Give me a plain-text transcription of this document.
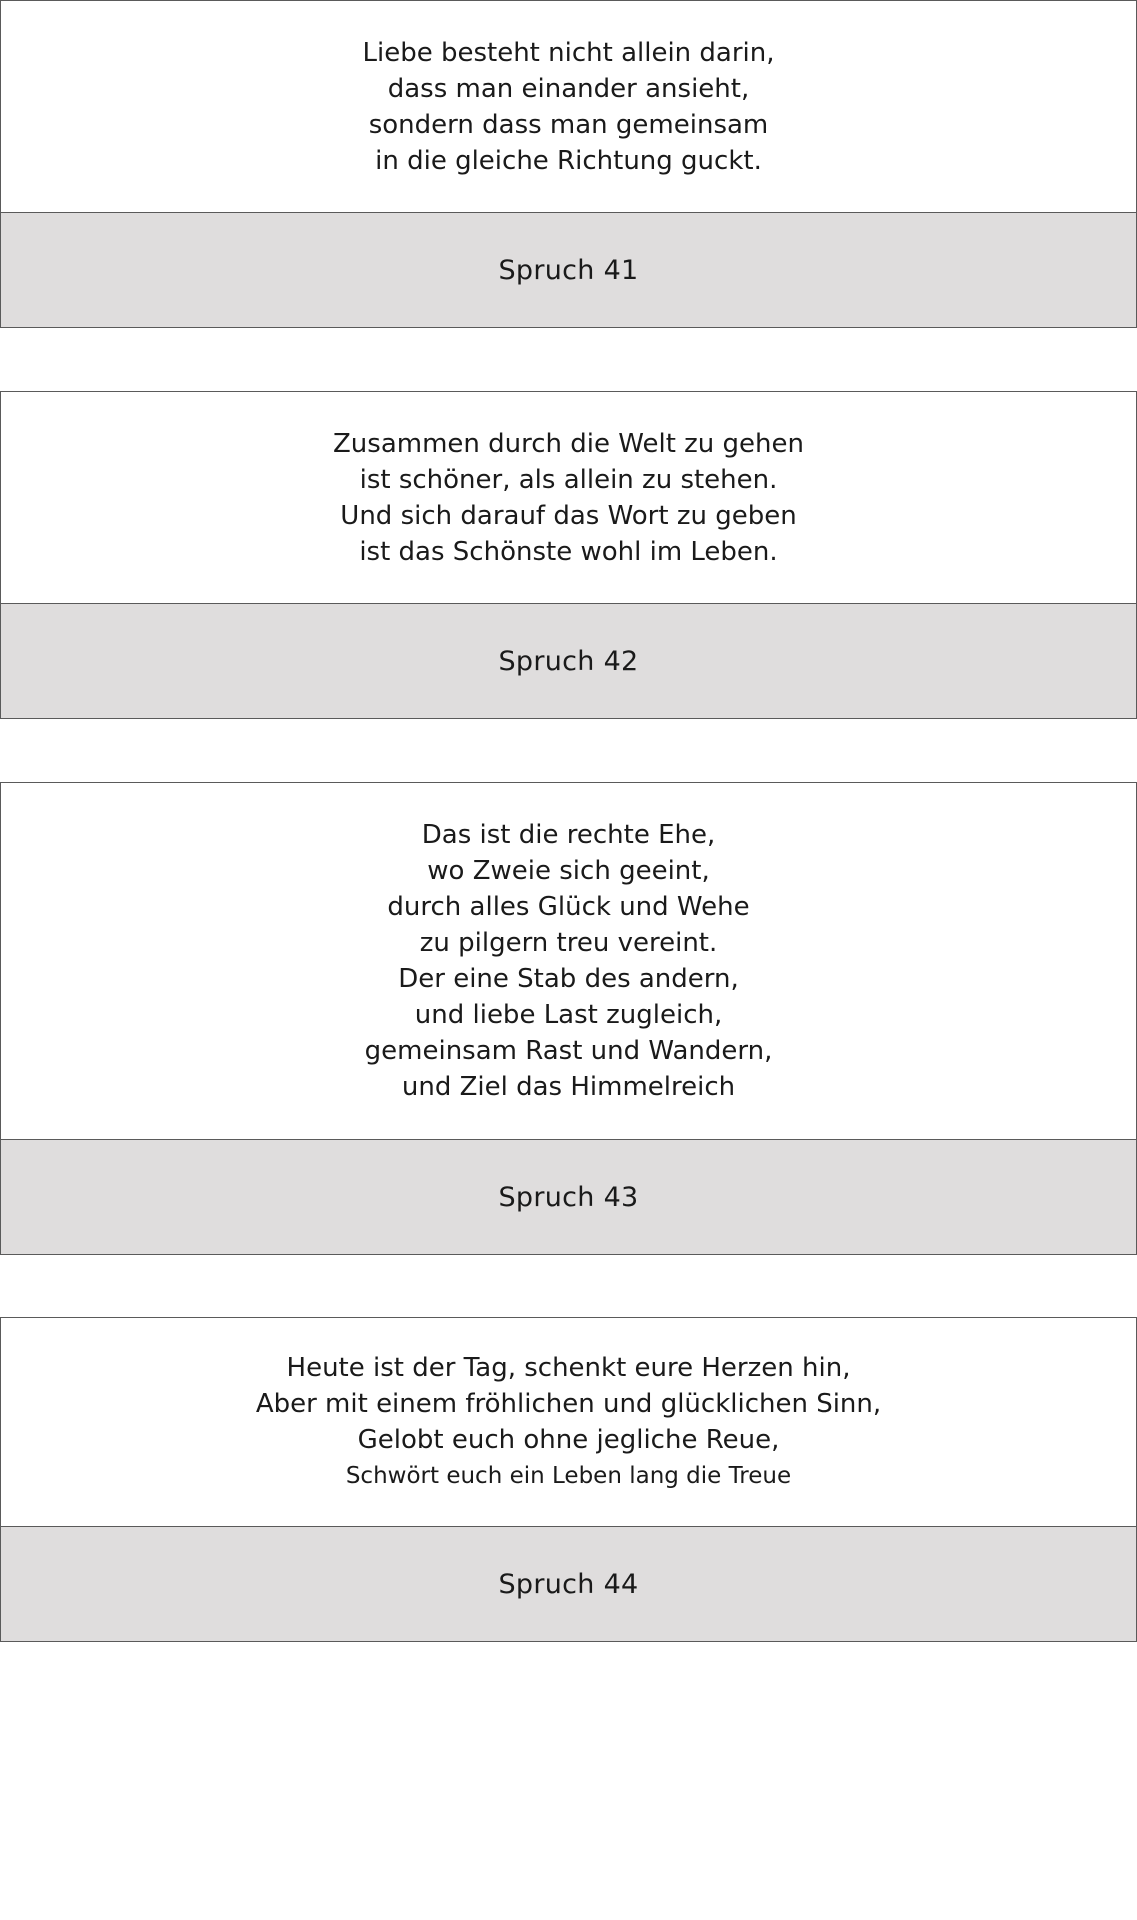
Liebe besteht nicht allein darin,
dass man einander ansieht,
sondern dass man gemeinsam
in die gleiche Richtung guckt.
Spruch 41
Zusammen durch die Welt zu gehen
ist schöner, als allein zu stehen.
Und sich darauf das Wort zu geben
ist das Schönste wohl im Leben.
Spruch 42
Das ist die rechte Ehe,
wo Zweie sich geeint,
durch alles Glück und Wehe
zu pilgern treu vereint.
Der eine Stab des andern,
und liebe Last zugleich,
gemeinsam Rast und Wandern,
und Ziel das Himmelreich
Spruch 43
Heute ist der Tag, schenkt eure Herzen hin,
Aber mit einem fröhlichen und glücklichen Sinn,
Gelobt euch ohne jegliche Reue,
Schwört euch ein Leben lang die Treue
Spruch 44
